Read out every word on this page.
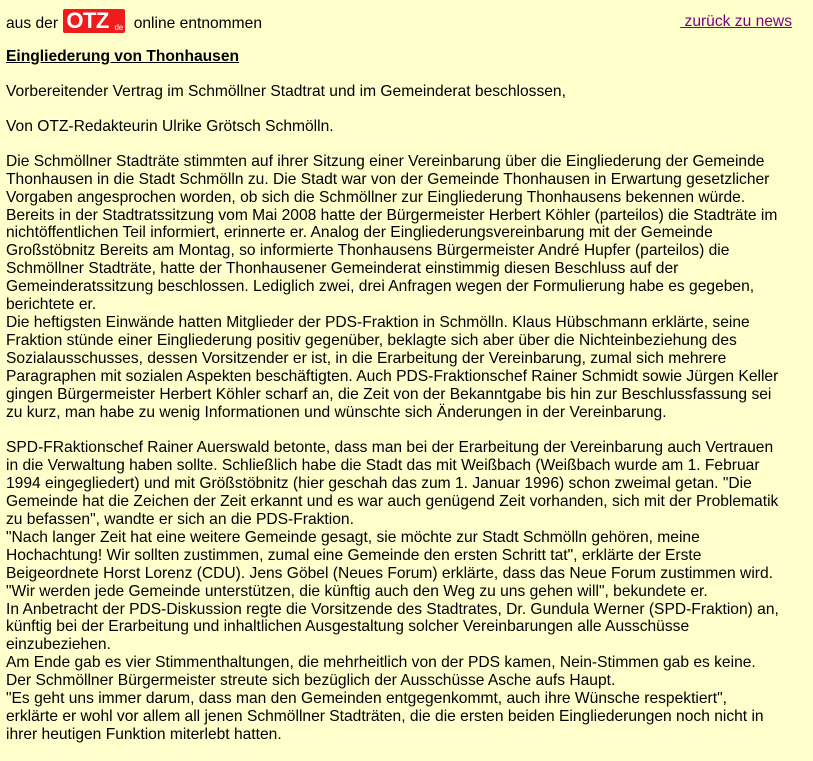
aus der OTZ de online entnommen	zurück zu news
Eingliederung von Thonhausen

Vorbereitender Vertrag im Schmöllner Stadtrat und im Gemeinderat beschlossen,

Von OTZ-Redakteurin Ulrike Grötsch Schmölln.

Die Schmöllner Stadträte stimmten auf ihrer Sitzung einer Vereinbarung über die Eingliederung der Gemeinde
Thonhausen in die Stadt Schmölln zu. Die Stadt war von der Gemeinde Thonhausen in Erwartung gesetzlicher
Vorgaben angesprochen worden, ob sich die Schmöllner zur Eingliederung Thonhausens bekennen würde.
Bereits in der Stadtratssitzung vom Mai 2008 hatte der Bürgermeister Herbert Köhler (parteilos) die Stadträte im
nichtöffentlichen Teil informiert, erinnerte er. Analog der Eingliederungsvereinbarung mit der Gemeinde
Großstöbnitz Bereits am Montag, so informierte Thonhausens Bürgermeister André Hupfer (parteilos) die
Schmöllner Stadträte, hatte der Thonhausener Gemeinderat einstimmig diesen Beschluss auf der
Gemeinderatssitzung beschlossen. Lediglich zwei, drei Anfragen wegen der Formulierung habe es gegeben,
berichtete er.

Die heftigsten Einwände hatten Mitglieder der PDS-Fraktion in Schmölln. Klaus Hübschmann erklärte, seine
Fraktion stünde einer Eingliederung positiv gegenüber, beklagte sich aber über die Nichteinbeziehung des
Sozialausschusses, dessen Vorsitzender er ist, in die Erarbeitung der Vereinbarung, zumal sich mehrere
Paragraphen mit sozialen Aspekten beschäftigten. Auch PDS-Fraktionschef Rainer Schmidt sowie Jürgen Keller
gingen Bürgermeister Herbert Köhler scharf an, die Zeit von der Bekanntgabe bis hin zur Beschlussfassung sei
zu kurz, man habe zu wenig Informationen und wünschte sich Änderungen in der Vereinbarung.

SPD-FRaktionschef Rainer Auerswald betonte, dass man bei der Erarbeitung der Vereinbarung auch Vertrauen
in die Verwaltung haben sollte. Schließlich habe die Stadt das mit Weißbach (Weißbach wurde am 1. Februar
1994 eingegliedert) und mit Größstöbnitz (hier geschah das zum 1. Januar 1996) schon zweimal getan. "Die
Gemeinde hat die Zeichen der Zeit erkannt und es war auch genügend Zeit vorhanden, sich mit der Problematik
zu befassen", wandte er sich an die PDS-Fraktion.
"Nach langer Zeit hat eine weitere Gemeinde gesagt, sie möchte zur Stadt Schmölln gehören, meine
Hochachtung! Wir sollten zustimmen, zumal eine Gemeinde den ersten Schritt tat", erklärte der Erste
Beigeordnete Horst Lorenz (CDU). Jens Göbel (Neues Forum) erklärte, dass das Neue Forum zustimmen wird.
"Wir werden jede Gemeinde unterstützen, die künftig auch den Weg zu uns gehen will", bekundete er.
In Anbetracht der PDS-Diskussion regte die Vorsitzende des Stadtrates, Dr. Gundula Werner (SPD-Fraktion) an,
künftig bei der Erarbeitung und inhaltlichen Ausgestaltung solcher Vereinbarungen alle Ausschüsse
einzubeziehen.
Am Ende gab es vier Stimmenthaltungen, die mehrheitlich von der PDS kamen, Nein-Stimmen gab es keine.
Der Schmöllner Bürgermeister streute sich bezüglich der Ausschüsse Asche aufs Haupt.
"Es geht uns immer darum, dass man den Gemeinden entgegenkommt, auch ihre Wünsche respektiert",
erklärte er wohl vor allem all jenen Schmöllner Stadträten, die die ersten beiden Eingliederungen noch nicht in
ihrer heutigen Funktion miterlebt hatten.
